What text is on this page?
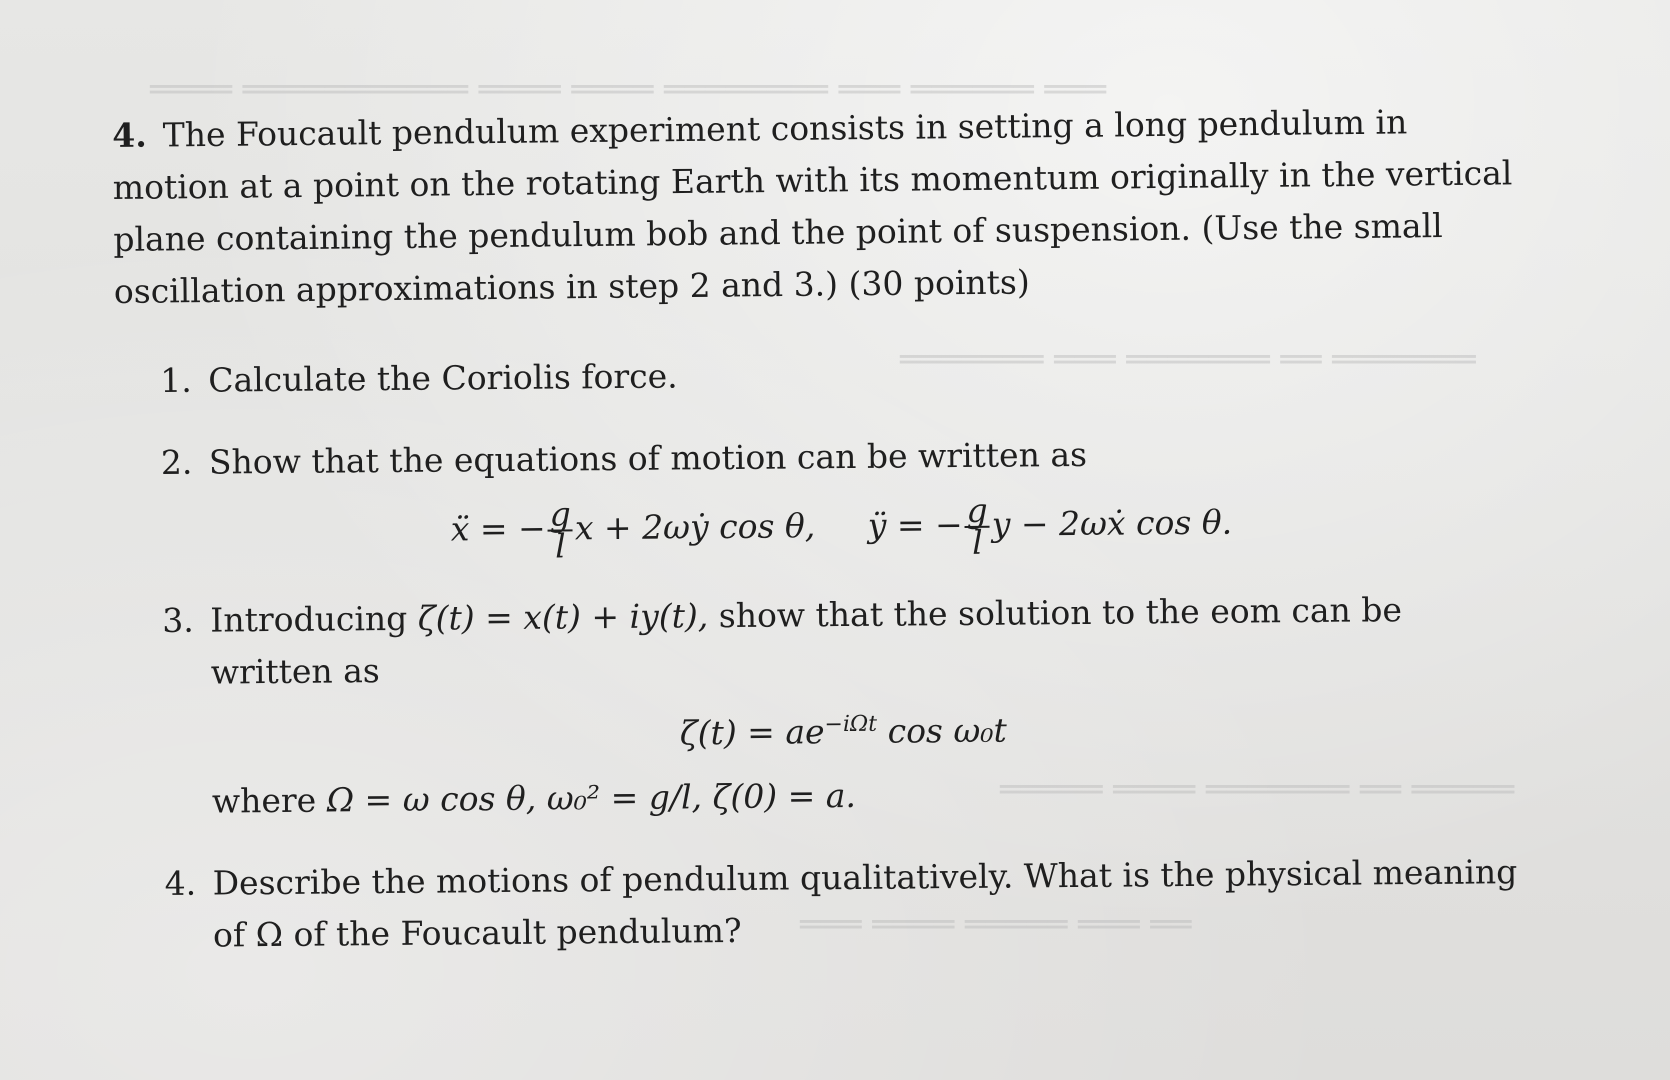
═══ ══════ ═══ ════════ ════ ════ ═══════════ ════
═══════ ══ ═══════ ═══ ═══════
═════ ══ ═══════ ════ ═════
══ ═══ ═════ ════ ═══
4. The Foucault pendulum experiment consists in setting a long pendulum in motion at a point on the rotating Earth with its momentum originally in the vertical plane containing the pendulum bob and the point of suspension. (Use the small oscillation approximations in step 2 and 3.) (30 points)
1. Calculate the Coriolis force.
2. Show that the equations of motion can be written as
ẍ = − $\frac{g}{l}$ x + 2ωẏ cos θ, ÿ = − $\frac{g}{l}$ y − 2ωẋ cos θ.
3. Introducing ζ(t) = x(t) + iy(t), show that the solution to the eom can be written as
$\zeta(t) = ae^{-i\Omega t}$ cos ω₀t
where Ω = ω cos θ, ω₀² = g/l, ζ(0) = a.
4. Describe the motions of pendulum qualitatively. What is the physical meaning of Ω of the Foucault pendulum?
